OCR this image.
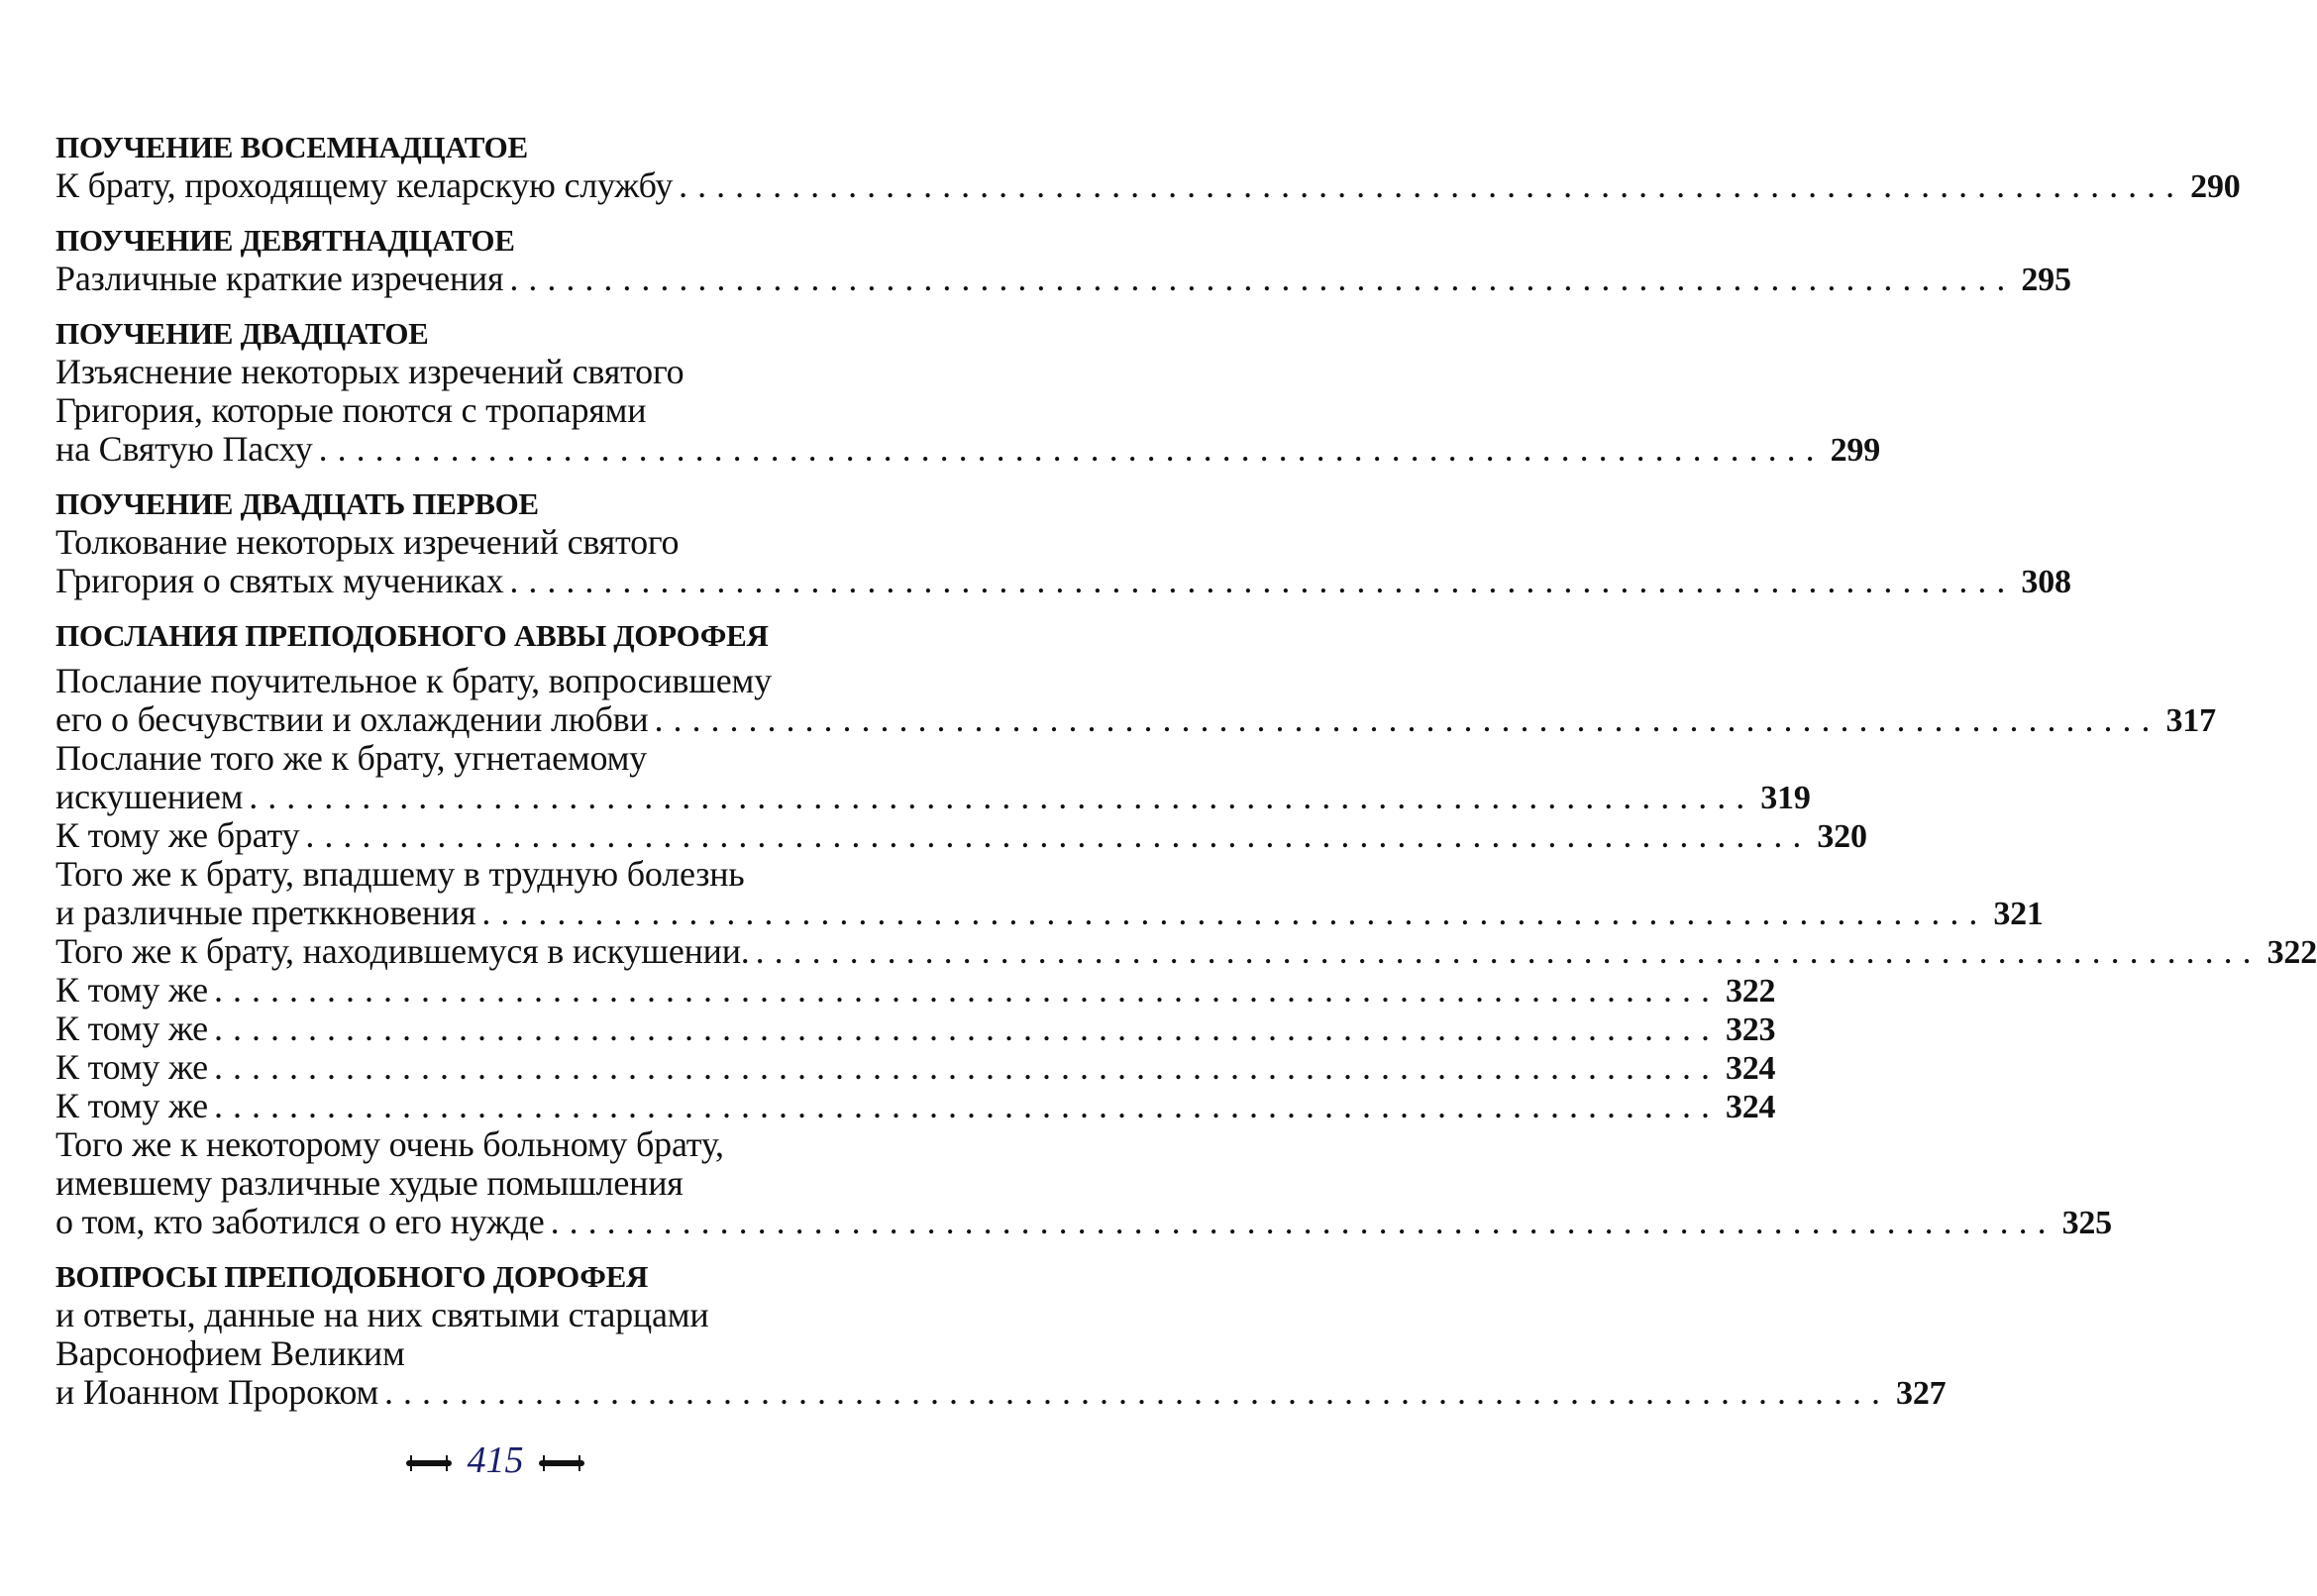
ПОУЧЕНИЕ ВОСЕМНАДЦАТОЕ
К брату, проходящему келарскую службу ................................................................................ 290
ПОУЧЕНИЕ ДЕВЯТНАДЦАТОЕ
Различные краткие изречения ................................................................................ 295
ПОУЧЕНИЕ ДВАДЦАТОЕ
Изъяснение некоторых изречений святого
Григория, которые поются с тропарями
на Святую Пасху ................................................................................ 299
ПОУЧЕНИЕ ДВАДЦАТЬ ПЕРВОЕ
Толкование некоторых изречений святого
Григория о святых мучениках ................................................................................ 308
ПОСЛАНИЯ ПРЕПОДОБНОГО АВВЫ ДОРОФЕЯ
Послание поучительное к брату, вопросившему
его о бесчувствии и охлаждении любви ................................................................................ 317
Послание того же к брату, угнетаемому
искушением ................................................................................ 319
К тому же брату ................................................................................ 320
Того же к брату, впадшему в трудную болезнь
и различные претккновения ................................................................................ 321
Того же к брату, находившемуся в искушении. ................................................................................ 322
К тому же ................................................................................ 322
К тому же ................................................................................ 323
К тому же ................................................................................ 324
К тому же ................................................................................ 324
Того же к некоторому очень больному брату,
имевшему различные худые помышления
о том, кто заботился о его нужде ................................................................................ 325
ВОПРОСЫ ПРЕПОДОБНОГО ДОРОФЕЯ
и ответы, данные на них святыми старцами
Варсонофием Великим
и Иоанном Пророком ................................................................................ 327
415
